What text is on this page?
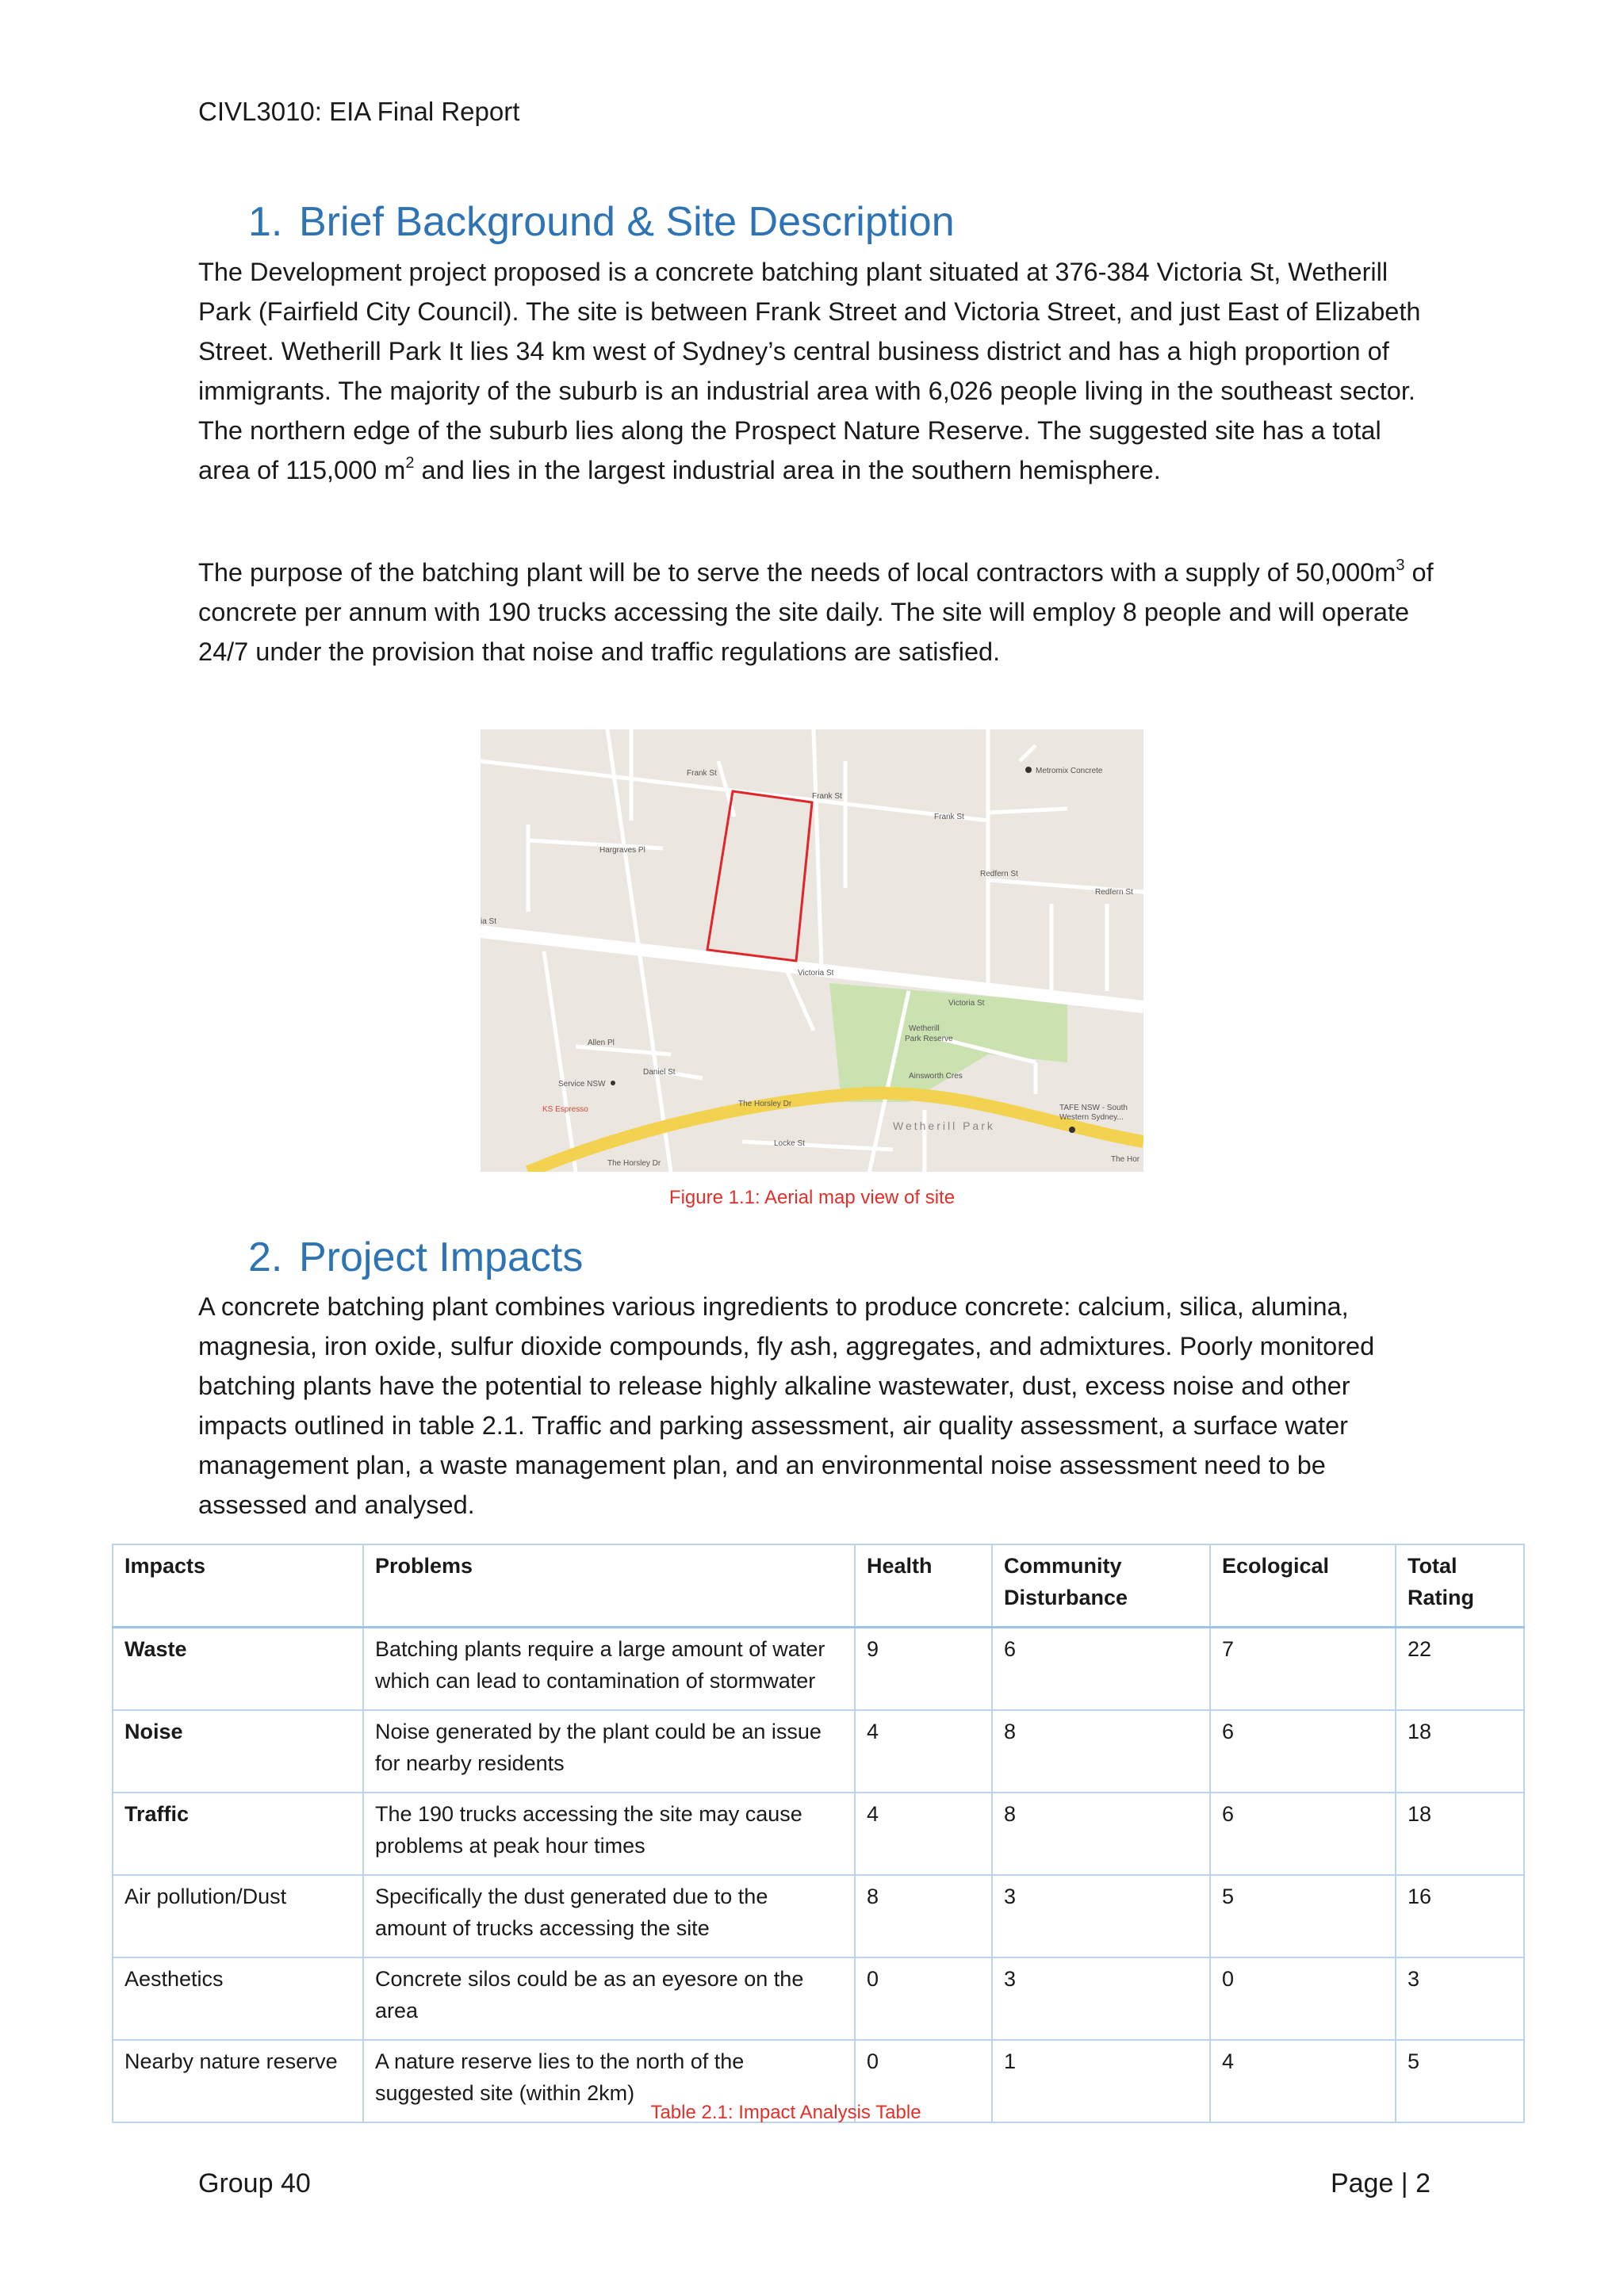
CIVL3010: EIA Final Report
1. Brief Background & Site Description

The Development project proposed is a concrete batching plant situated at 376-384 Victoria St, Wetherill Park (Fairfield City Council). The site is between Frank Street and Victoria Street, and just East of Elizabeth Street. Wetherill Park It lies 34 km west of Sydney’s central business district and has a high proportion of immigrants. The majority of the suburb is an industrial area with 6,026 people living in the southeast sector. The northern edge of the suburb lies along the Prospect Nature Reserve. The suggested site has a total area of 115,000 $m^2$ and lies in the largest industrial area in the southern hemisphere.

The purpose of the batching plant will be to serve the needs of local contractors with a supply of $50,000m^3$ of concrete per annum with 190 trucks accessing the site daily. The site will employ 8 people and will operate 24/7 under the provision that noise and traffic regulations are satisfied.

Frank St
Frank St
Frank St
Metromix Concrete
Hargraves Pl
Redfern St
Redfern St
ia St
Victoria St
Victoria St
Wetherill
Park Reserve
Allen Pl
Daniel St
Service NSW
KS Espresso
The Horsley Dr
The Horsley Dr	The Hor
Ainsworth Cres
TAFE NSW - South
Western Sydney...
Wetherill Park
Locke St
Figure 1.1: Aerial map view of site
2. Project Impacts
A concrete batching plant combines various ingredients to produce concrete: calcium, silica, alumina, magnesia, iron oxide, sulfur dioxide compounds, fly ash, aggregates, and admixtures. Poorly monitored batching plants have the potential to release highly alkaline wastewater, dust, excess noise and other impacts outlined in table 2.1. Traffic and parking assessment, air quality assessment, a surface water management plan, a waste management plan, and an environmental noise assessment need to be assessed and analysed.
Impacts	Problems	Health	Community Disturbance	Ecological	Total Rating
Waste	Batching plants require a large amount of water which can lead to contamination of stormwater	9	6	7	22
Noise	Noise generated by the plant could be an issue for nearby residents	4	8	6	18
Traffic	The 190 trucks accessing the site may cause problems at peak hour times	4	8	6	18
Air pollution/Dust	Specifically the dust generated due to the amount of trucks accessing the site	8	3	5	16
Aesthetics	Concrete silos could be as an eyesore on the area	0	3	0	3
Nearby nature reserve	A nature reserve lies to the north of the suggested site (within 2km)	0	1	4	5
Table 2.1: Impact Analysis Table
Group 40	Page | 2
